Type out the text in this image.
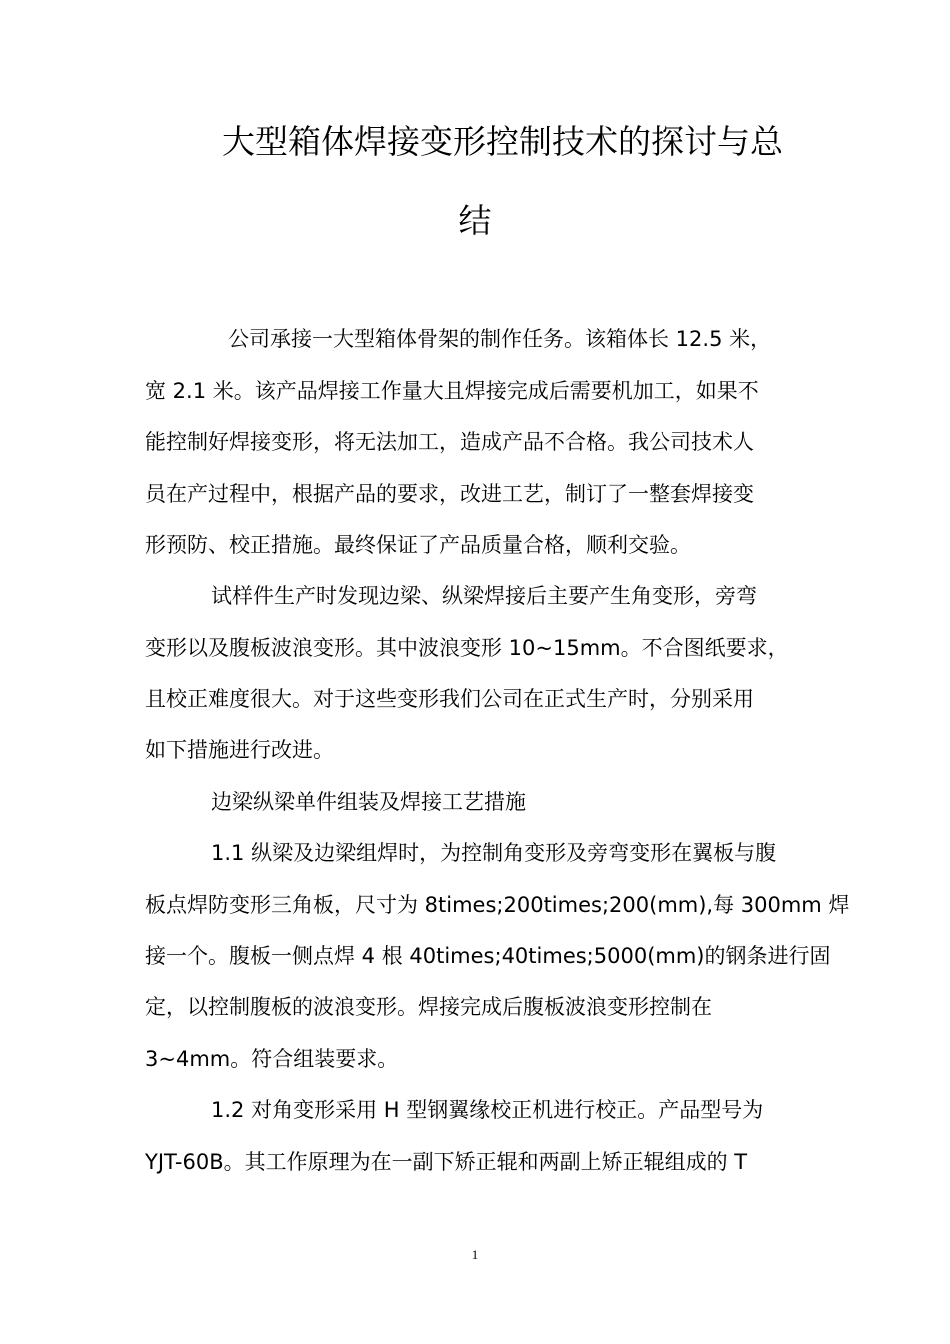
大型箱体焊接变形控制技术的探讨与总
结
公司承接一大型箱体骨架的制作任务。该箱体长 12.5 米，
宽 2.1 米。该产品焊接工作量大且焊接完成后需要机加工，如果不
能控制好焊接变形，将无法加工，造成产品不合格。我公司技术人
员在产过程中，根据产品的要求，改进工艺，制订了一整套焊接变
形预防、校正措施。最终保证了产品质量合格，顺利交验。
试样件生产时发现边梁、纵梁焊接后主要产生角变形，旁弯
变形以及腹板波浪变形。其中波浪变形 10~15mm。不合图纸要求，
且校正难度很大。对于这些变形我们公司在正式生产时，分别采用
如下措施进行改进。
边梁纵梁单件组装及焊接工艺措施
1.1 纵梁及边梁组焊时，为控制角变形及旁弯变形在翼板与腹
板点焊防变形三角板，尺寸为 8times;200times;200(mm),每 300mm 焊
接一个。腹板一侧点焊 4 根 40times;40times;5000(mm)的钢条进行固
定，以控制腹板的波浪变形。焊接完成后腹板波浪变形控制在
3~4mm。符合组装要求。
1.2 对角变形采用 H 型钢翼缘校正机进行校正。产品型号为
YJT-60B。其工作原理为在一副下矫正辊和两副上矫正辊组成的 T
1
